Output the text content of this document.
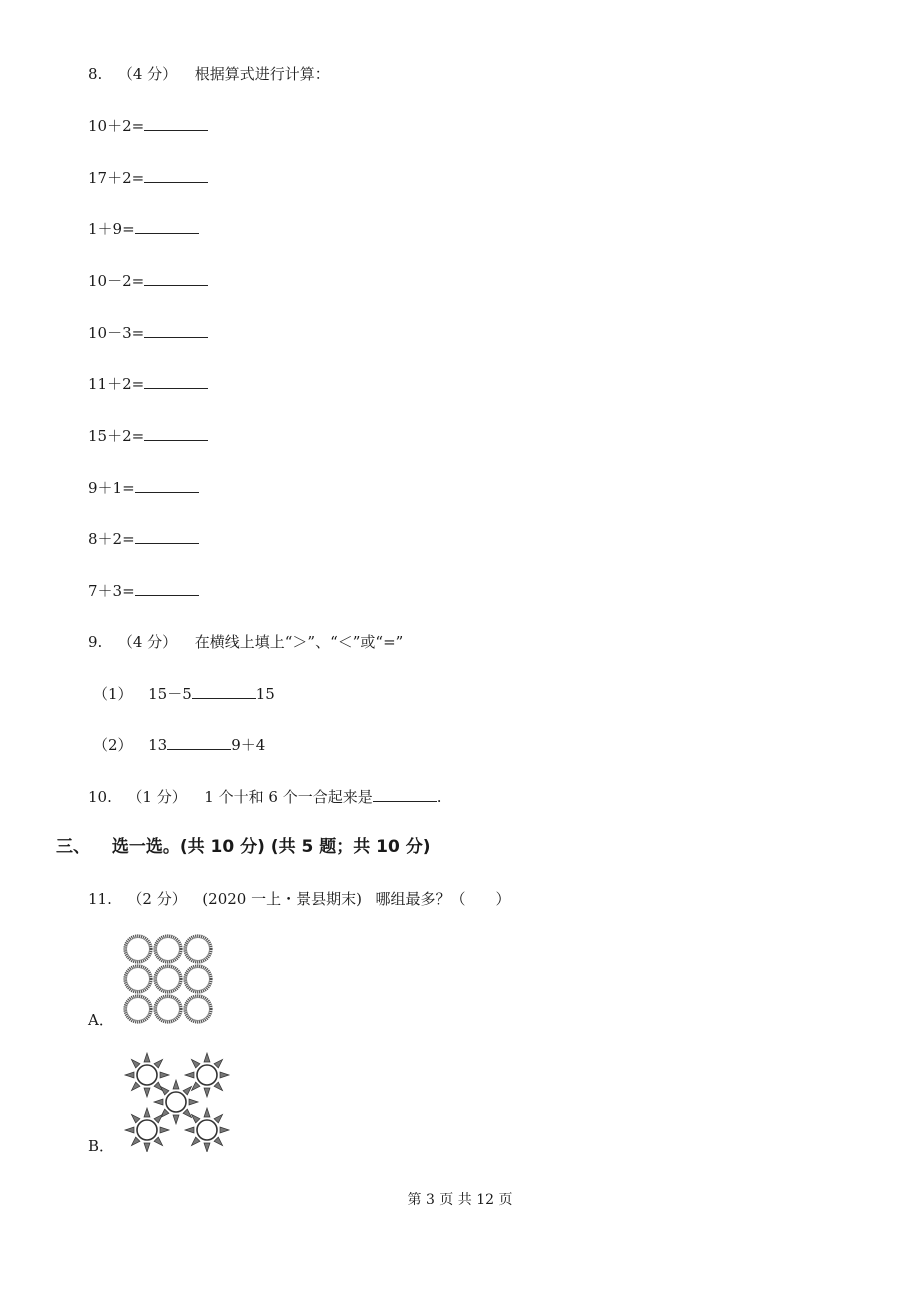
8. （4 分） 根据算式进行计算：
10＋2=
17＋2=
1＋9=
10－2=
10－3=
11＋2=
15＋2=
9＋1=
8＋2=
7＋3=
9. （4 分） 在横线上填上“＞”、“＜”或“=”
（1） 15－5	15
（2） 13	9＋4
10. （1 分） 1 个十和 6 个一合起来是	.
三、 选一选。(共 10 分) (共 5 题；共 10 分)
11. （2 分） (2020 一上・景县期末) 哪组最多？（　　）
A．
B．
第 3 页 共 12 页
